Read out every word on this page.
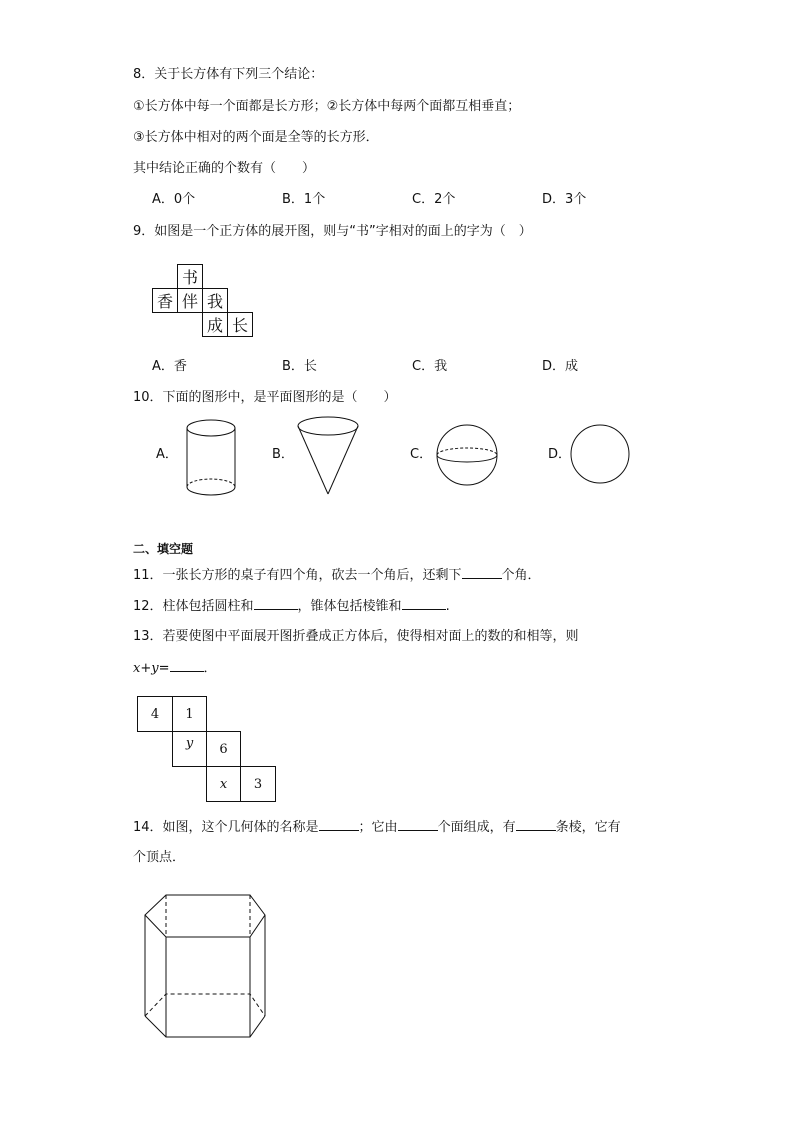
8．关于长方体有下列三个结论：
①长方体中每一个面都是长方形；②长方体中每两个面都互相垂直；
③长方体中相对的两个面是全等的长方形．
其中结论正确的个数有（　　）
A．0个	B．1个	C．2个	D．3个
9．如图是一个正方体的展开图，则与“书”字相对的面上的字为（　）
书
香 伴 我
成 长
A．香	B．长	C．我	D．成
10．下面的图形中，是平面图形的是（　　）
A．	B．	C．	D．
二、填空题
11．一张长方形的桌子有四个角，砍去一个角后，还剩下	个角．
12．柱体包括圆柱和	，锥体包括棱锥和	.
13．若要使图中平面展开图折叠成正方体后，使得相对面上的数的和相等，则
x+y=	．
4	1
y	6
x	3
14．如图，这个几何体的名称是	；它由	个面组成，有	条棱，它有
个顶点．
